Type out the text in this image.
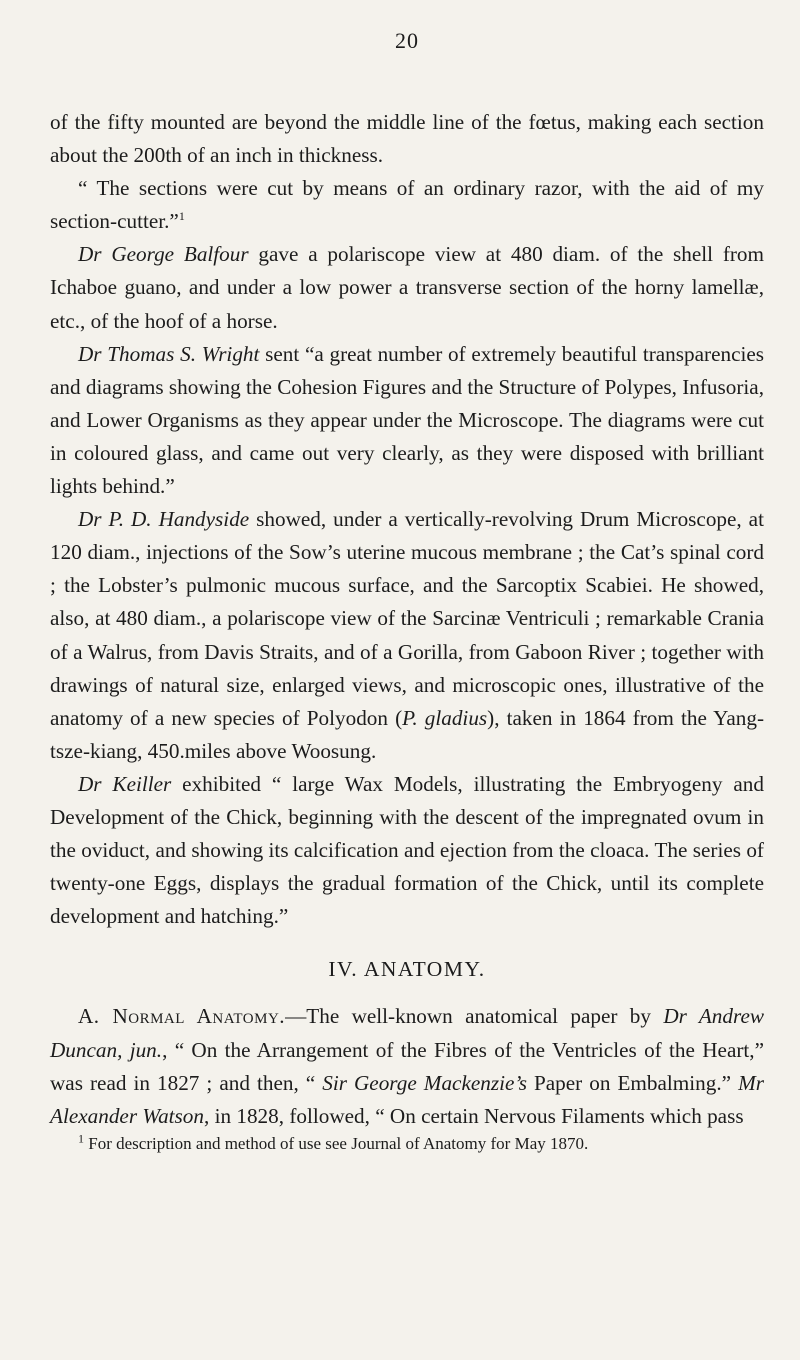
20

of the fifty mounted are beyond the middle line of the fœtus, making each section about the 200th of an inch in thickness.

“ The sections were cut by means of an ordinary razor, with the aid of my section-cutter.”$^1$

Dr George Balfour gave a polariscope view at 480 diam. of the shell from Ichaboe guano, and under a low power a transverse section of the horny lamellæ, etc., of the hoof of a horse.

Dr Thomas S. Wright sent “a great number of extremely beautiful transparencies and diagrams showing the Cohesion Figures and the Structure of Polypes, Infusoria, and Lower Organisms as they appear under the Microscope. The diagrams were cut in coloured glass, and came out very clearly, as they were disposed with brilliant lights behind.”

Dr P. D. Handyside showed, under a vertically-revolving Drum Microscope, at 120 diam., injections of the Sow’s uterine mucous membrane ; the Cat’s spinal cord ; the Lobster’s pulmonic mucous surface, and the Sarcoptix Scabiei. He showed, also, at 480 diam., a polariscope view of the Sarcinæ Ventriculi ; remarkable Crania of a Walrus, from Davis Straits, and of a Gorilla, from Gaboon River ; together with drawings of natural size, enlarged views, and microscopic ones, illustrative of the anatomy of a new species of Polyodon (P. gladius), taken in 1864 from the Yang-tsze-kiang, 450.miles above Woosung.

Dr Keiller exhibited “ large Wax Models, illustrating the Embryogeny and Development of the Chick, beginning with the descent of the impregnated ovum in the oviduct, and showing its calcification and ejection from the cloaca. The series of twenty-one Eggs, displays the gradual formation of the Chick, until its complete development and hatching.”

IV. ANATOMY.

A. Normal Anatomy.—The well-known anatomical paper by Dr Andrew Duncan, jun., “ On the Arrangement of the Fibres of the Ventricles of the Heart,” was read in 1827 ; and then, “ Sir George Mackenzie’s Paper on Embalming.” Mr Alexander Watson, in 1828, followed, “ On certain Nervous Filaments which pass

$^1$ For description and method of use see Journal of Anatomy for May 1870.
